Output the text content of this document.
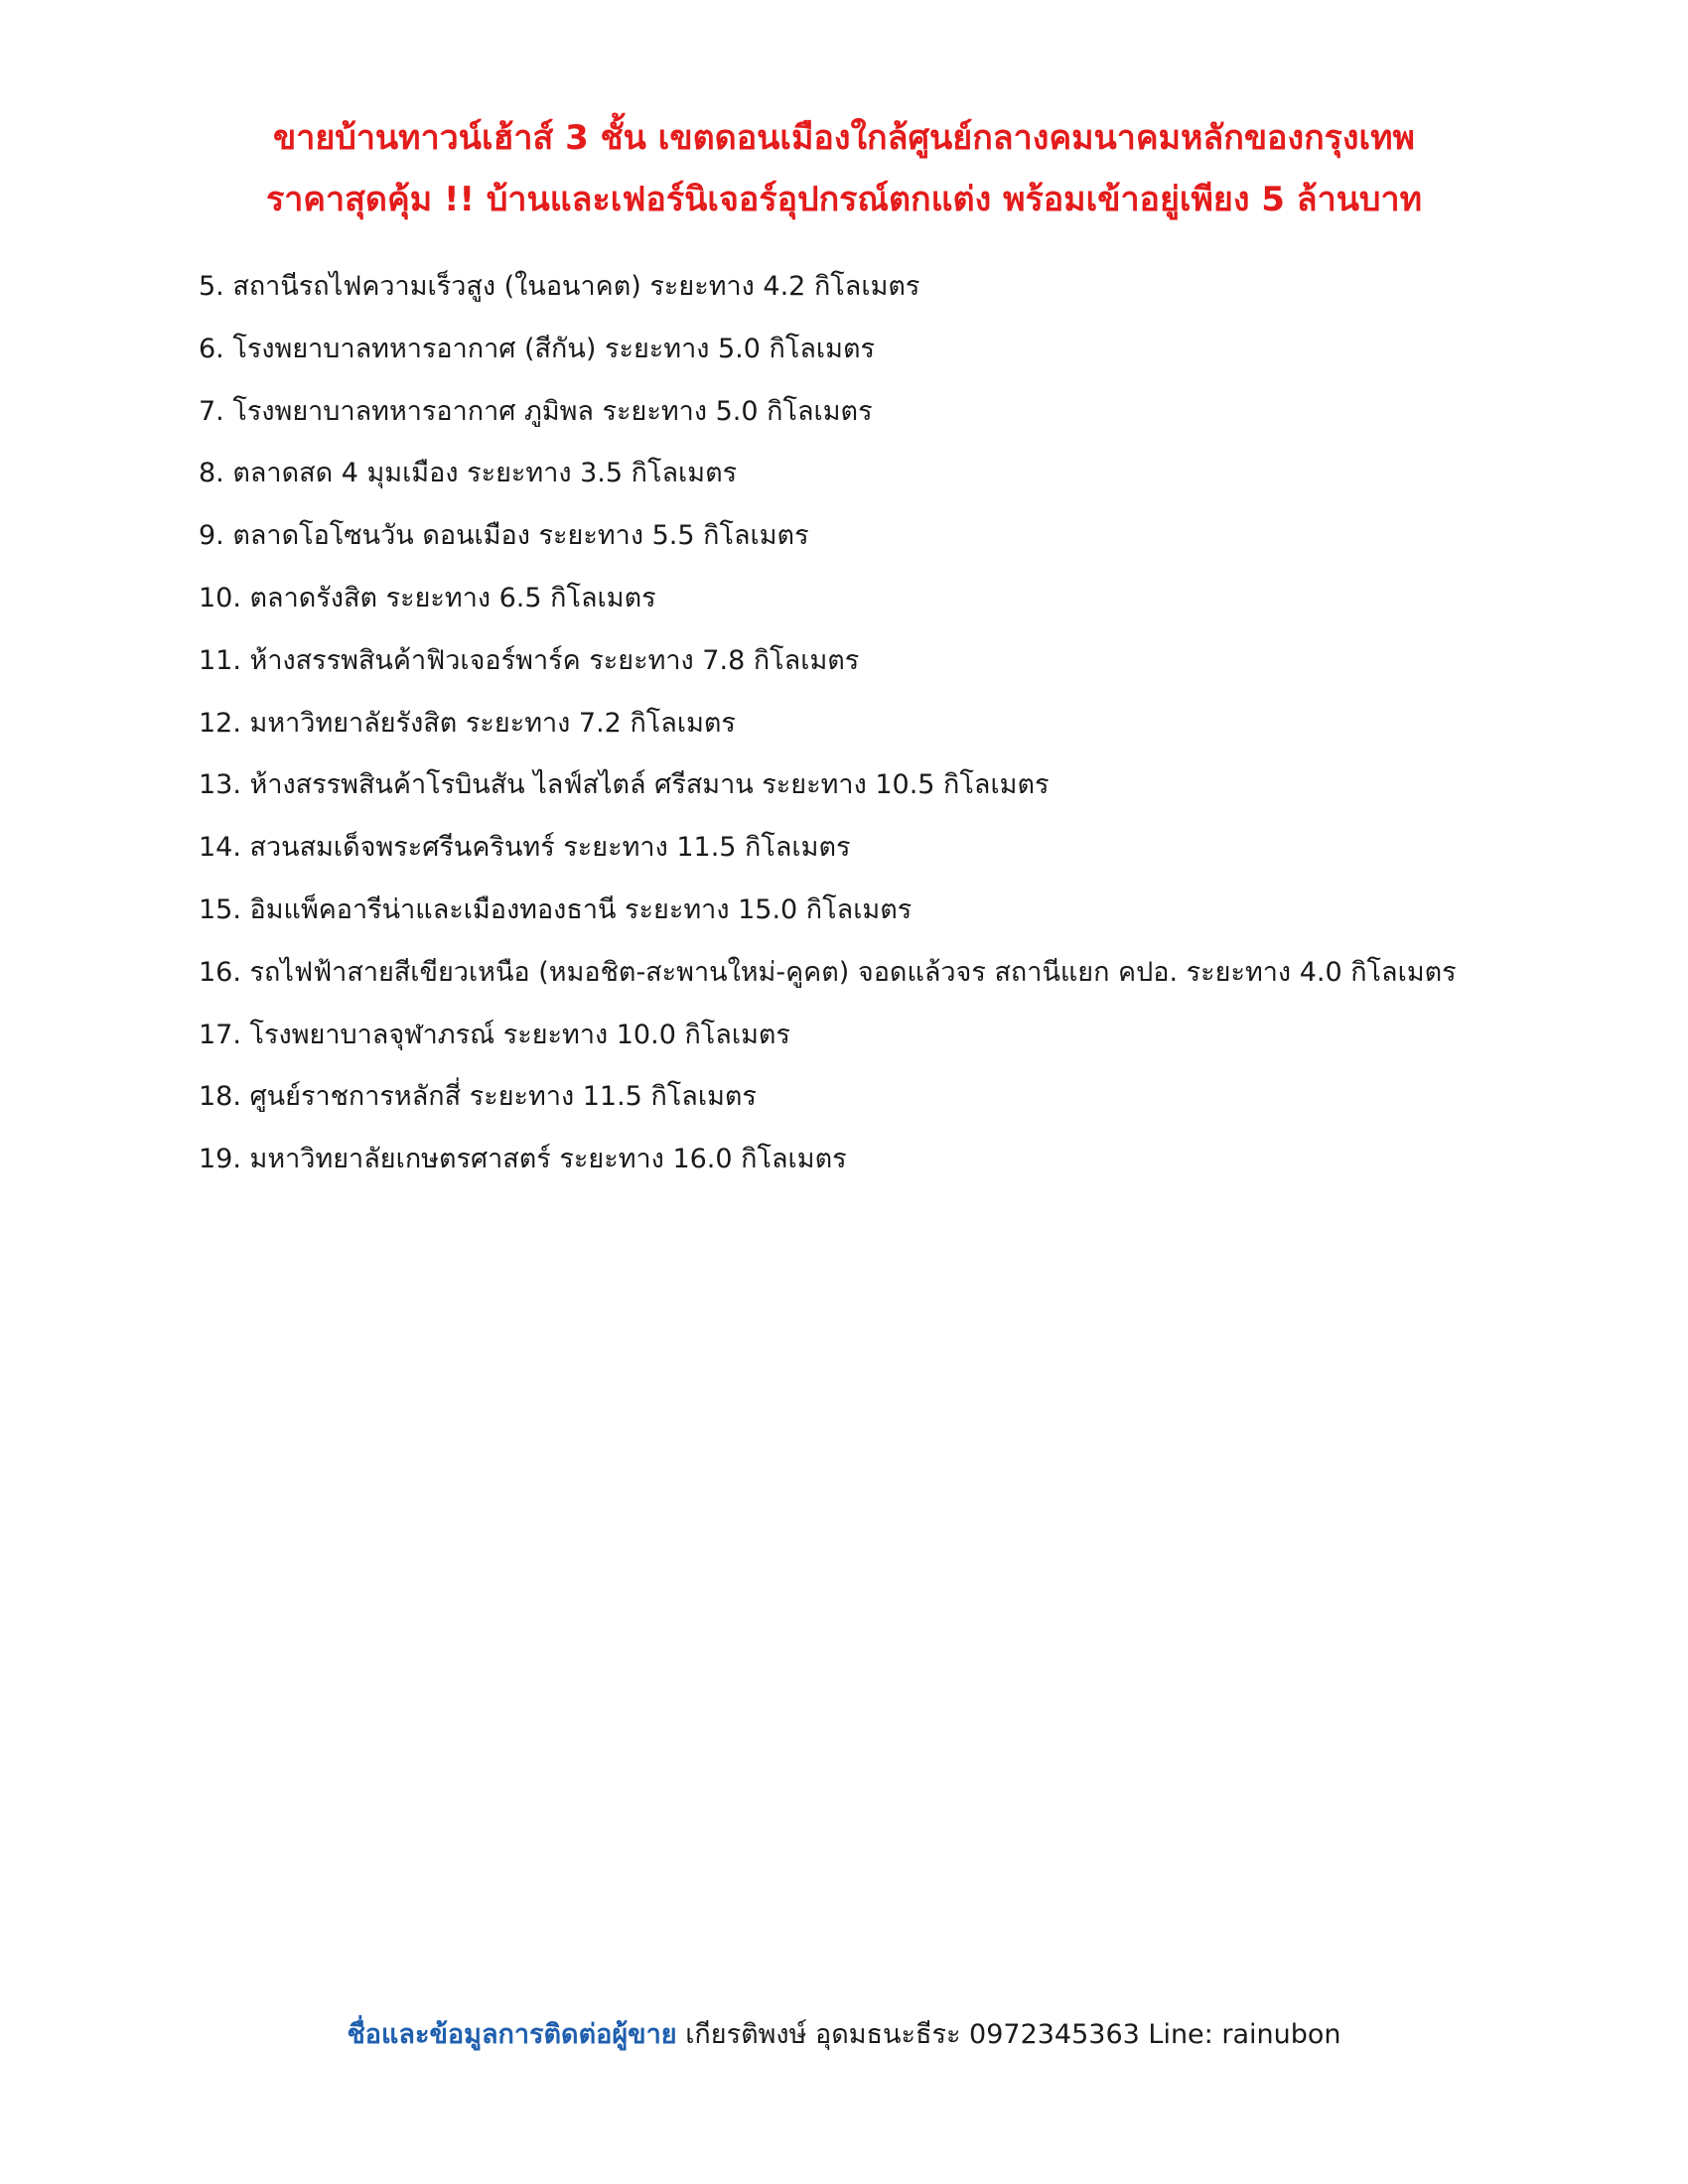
ขายบ้านทาวน์เฮ้าส์ 3 ชั้น เขตดอนเมืองใกล้ศูนย์กลางคมนาคมหลักของกรุงเทพ
ราคาสุดคุ้ม !! บ้านและเฟอร์นิเจอร์อุปกรณ์ตกแต่ง พร้อมเข้าอยู่เพียง 5 ล้านบาท
5. สถานีรถไฟความเร็วสูง (ในอนาคต) ระยะทาง 4.2 กิโลเมตร
6. โรงพยาบาลทหารอากาศ (สีกัน) ระยะทาง 5.0 กิโลเมตร
7. โรงพยาบาลทหารอากาศ ภูมิพล ระยะทาง 5.0 กิโลเมตร
8. ตลาดสด 4 มุมเมือง ระยะทาง 3.5 กิโลเมตร
9. ตลาดโอโซนวัน ดอนเมือง ระยะทาง 5.5 กิโลเมตร
10. ตลาดรังสิต ระยะทาง 6.5 กิโลเมตร
11. ห้างสรรพสินค้าฟิวเจอร์พาร์ค ระยะทาง 7.8 กิโลเมตร
12. มหาวิทยาลัยรังสิต ระยะทาง 7.2 กิโลเมตร
13. ห้างสรรพสินค้าโรบินสัน ไลฟ์สไตล์ ศรีสมาน ระยะทาง 10.5 กิโลเมตร
14. สวนสมเด็จพระศรีนครินทร์ ระยะทาง 11.5 กิโลเมตร
15. อิมแพ็คอารีน่าและเมืองทองธานี ระยะทาง 15.0 กิโลเมตร
16. รถไฟฟ้าสายสีเขียวเหนือ (หมอชิต-สะพานใหม่-คูคต) จอดแล้วจร สถานีแยก คปอ. ระยะทาง 4.0 กิโลเมตร
17. โรงพยาบาลจุฬาภรณ์ ระยะทาง 10.0 กิโลเมตร
18. ศูนย์ราชการหลักสี่ ระยะทาง 11.5 กิโลเมตร
19. มหาวิทยาลัยเกษตรศาสตร์ ระยะทาง 16.0 กิโลเมตร
ชื่อและข้อมูลการติดต่อผู้ขาย เกียรติพงษ์ อุดมธนะธีระ 0972345363 Line: rainubon
